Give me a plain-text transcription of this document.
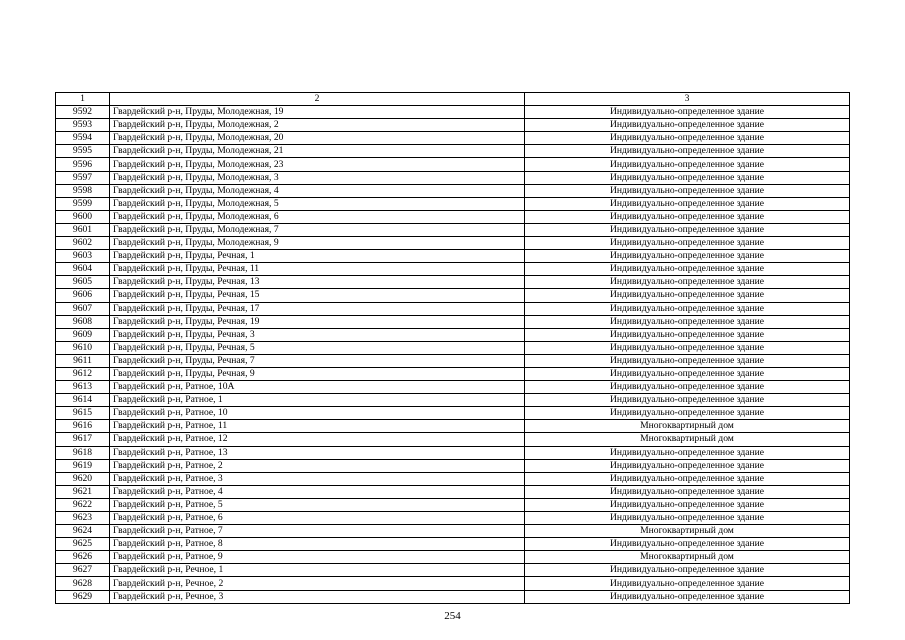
1	2	3
9592	Гвардейский р-н, Пруды, Молодежная, 19	Индивидуально-определенное здание
9593	Гвардейский р-н, Пруды, Молодежная, 2	Индивидуально-определенное здание
9594	Гвардейский р-н, Пруды, Молодежная, 20	Индивидуально-определенное здание
9595	Гвардейский р-н, Пруды, Молодежная, 21	Индивидуально-определенное здание
9596	Гвардейский р-н, Пруды, Молодежная, 23	Индивидуально-определенное здание
9597	Гвардейский р-н, Пруды, Молодежная, 3	Индивидуально-определенное здание
9598	Гвардейский р-н, Пруды, Молодежная, 4	Индивидуально-определенное здание
9599	Гвардейский р-н, Пруды, Молодежная, 5	Индивидуально-определенное здание
9600	Гвардейский р-н, Пруды, Молодежная, 6	Индивидуально-определенное здание
9601	Гвардейский р-н, Пруды, Молодежная, 7	Индивидуально-определенное здание
9602	Гвардейский р-н, Пруды, Молодежная, 9	Индивидуально-определенное здание
9603	Гвардейский р-н, Пруды, Речная, 1	Индивидуально-определенное здание
9604	Гвардейский р-н, Пруды, Речная, 11	Индивидуально-определенное здание
9605	Гвардейский р-н, Пруды, Речная, 13	Индивидуально-определенное здание
9606	Гвардейский р-н, Пруды, Речная, 15	Индивидуально-определенное здание
9607	Гвардейский р-н, Пруды, Речная, 17	Индивидуально-определенное здание
9608	Гвардейский р-н, Пруды, Речная, 19	Индивидуально-определенное здание
9609	Гвардейский р-н, Пруды, Речная, 3	Индивидуально-определенное здание
9610	Гвардейский р-н, Пруды, Речная, 5	Индивидуально-определенное здание
9611	Гвардейский р-н, Пруды, Речная, 7	Индивидуально-определенное здание
9612	Гвардейский р-н, Пруды, Речная, 9	Индивидуально-определенное здание
9613	Гвардейский р-н, Ратное, 10А	Индивидуально-определенное здание
9614	Гвардейский р-н, Ратное, 1	Индивидуально-определенное здание
9615	Гвардейский р-н, Ратное, 10	Индивидуально-определенное здание
9616	Гвардейский р-н, Ратное, 11	Многоквартирный дом
9617	Гвардейский р-н, Ратное, 12	Многоквартирный дом
9618	Гвардейский р-н, Ратное, 13	Индивидуально-определенное здание
9619	Гвардейский р-н, Ратное, 2	Индивидуально-определенное здание
9620	Гвардейский р-н, Ратное, 3	Индивидуально-определенное здание
9621	Гвардейский р-н, Ратное, 4	Индивидуально-определенное здание
9622	Гвардейский р-н, Ратное, 5	Индивидуально-определенное здание
9623	Гвардейский р-н, Ратное, 6	Индивидуально-определенное здание
9624	Гвардейский р-н, Ратное, 7	Многоквартирный дом
9625	Гвардейский р-н, Ратное, 8	Индивидуально-определенное здание
9626	Гвардейский р-н, Ратное, 9	Многоквартирный дом
9627	Гвардейский р-н, Речное, 1	Индивидуально-определенное здание
9628	Гвардейский р-н, Речное, 2	Индивидуально-определенное здание
9629	Гвардейский р-н, Речное, 3	Индивидуально-определенное здание
254
